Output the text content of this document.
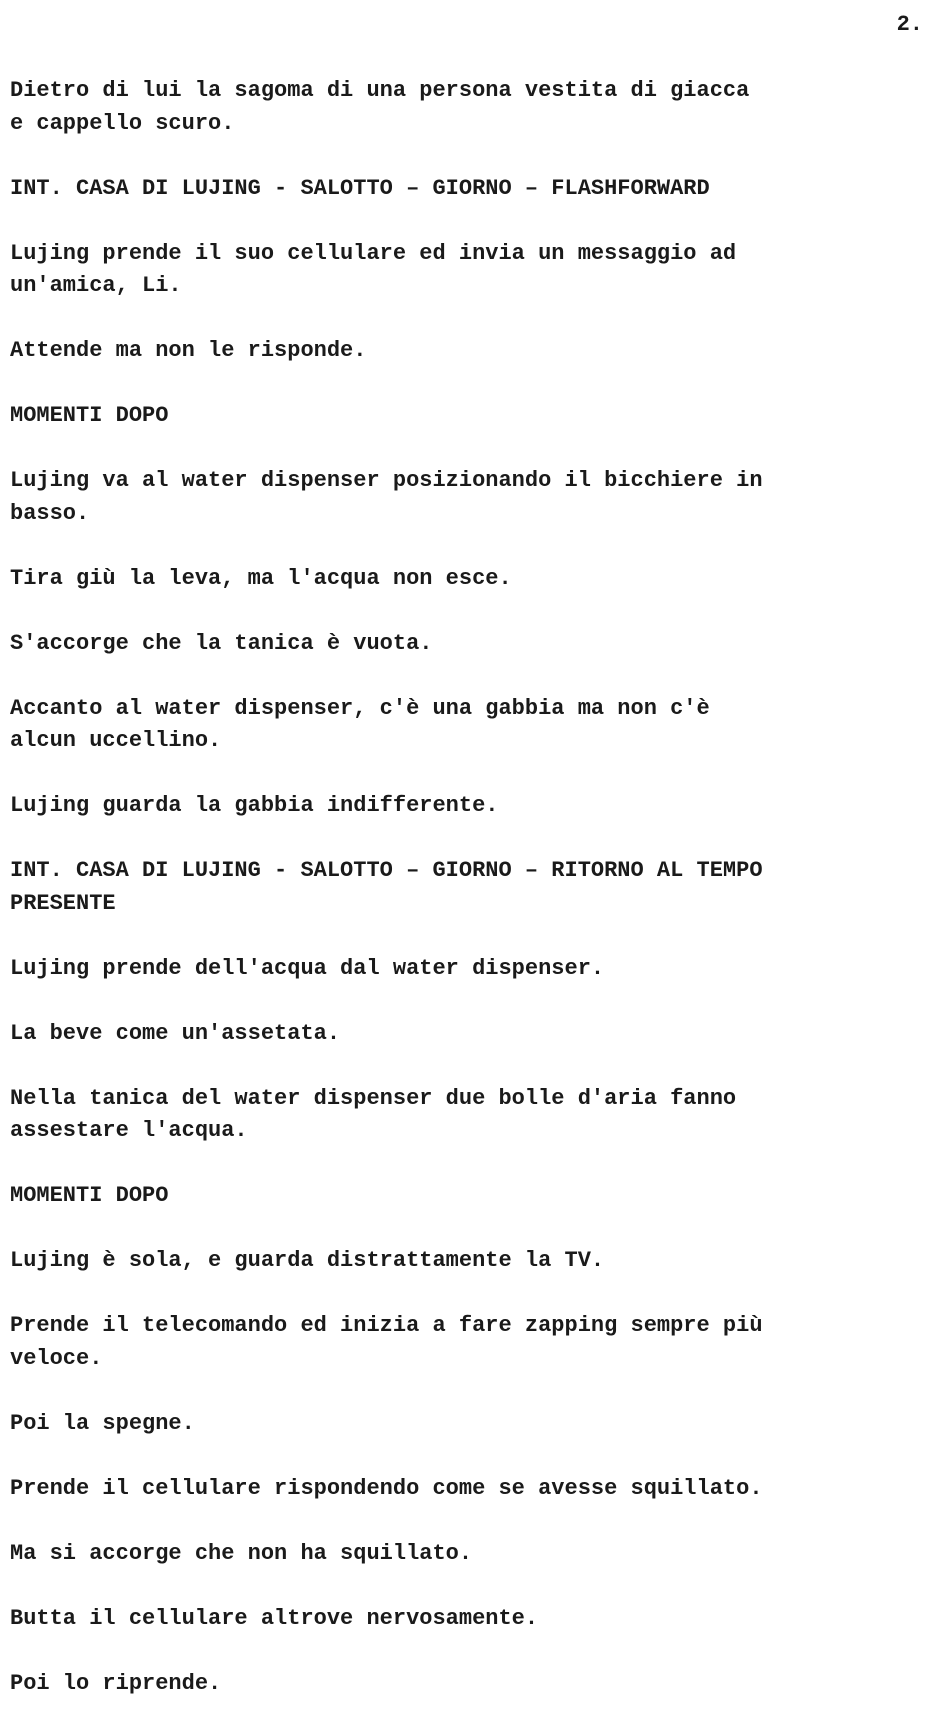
2.

Dietro di lui la sagoma di una persona vestita di giacca
e cappello scuro.

INT. CASA DI LUJING - SALOTTO – GIORNO – FLASHFORWARD

Lujing prende il suo cellulare ed invia un messaggio ad
un'amica, Li.

Attende ma non le risponde.

MOMENTI DOPO

Lujing va al water dispenser posizionando il bicchiere in
basso.

Tira giù la leva, ma l'acqua non esce.

S'accorge che la tanica è vuota.

Accanto al water dispenser, c'è una gabbia ma non c'è
alcun uccellino.

Lujing guarda la gabbia indifferente.

INT. CASA DI LUJING - SALOTTO – GIORNO – RITORNO AL TEMPO
PRESENTE

Lujing prende dell'acqua dal water dispenser.

La beve come un'assetata.

Nella tanica del water dispenser due bolle d'aria fanno
assestare l'acqua.

MOMENTI DOPO

Lujing è sola, e guarda distrattamente la TV.

Prende il telecomando ed inizia a fare zapping sempre più
veloce.

Poi la spegne.

Prende il cellulare rispondendo come se avesse squillato.

Ma si accorge che non ha squillato.

Butta il cellulare altrove nervosamente.

Poi lo riprende.
